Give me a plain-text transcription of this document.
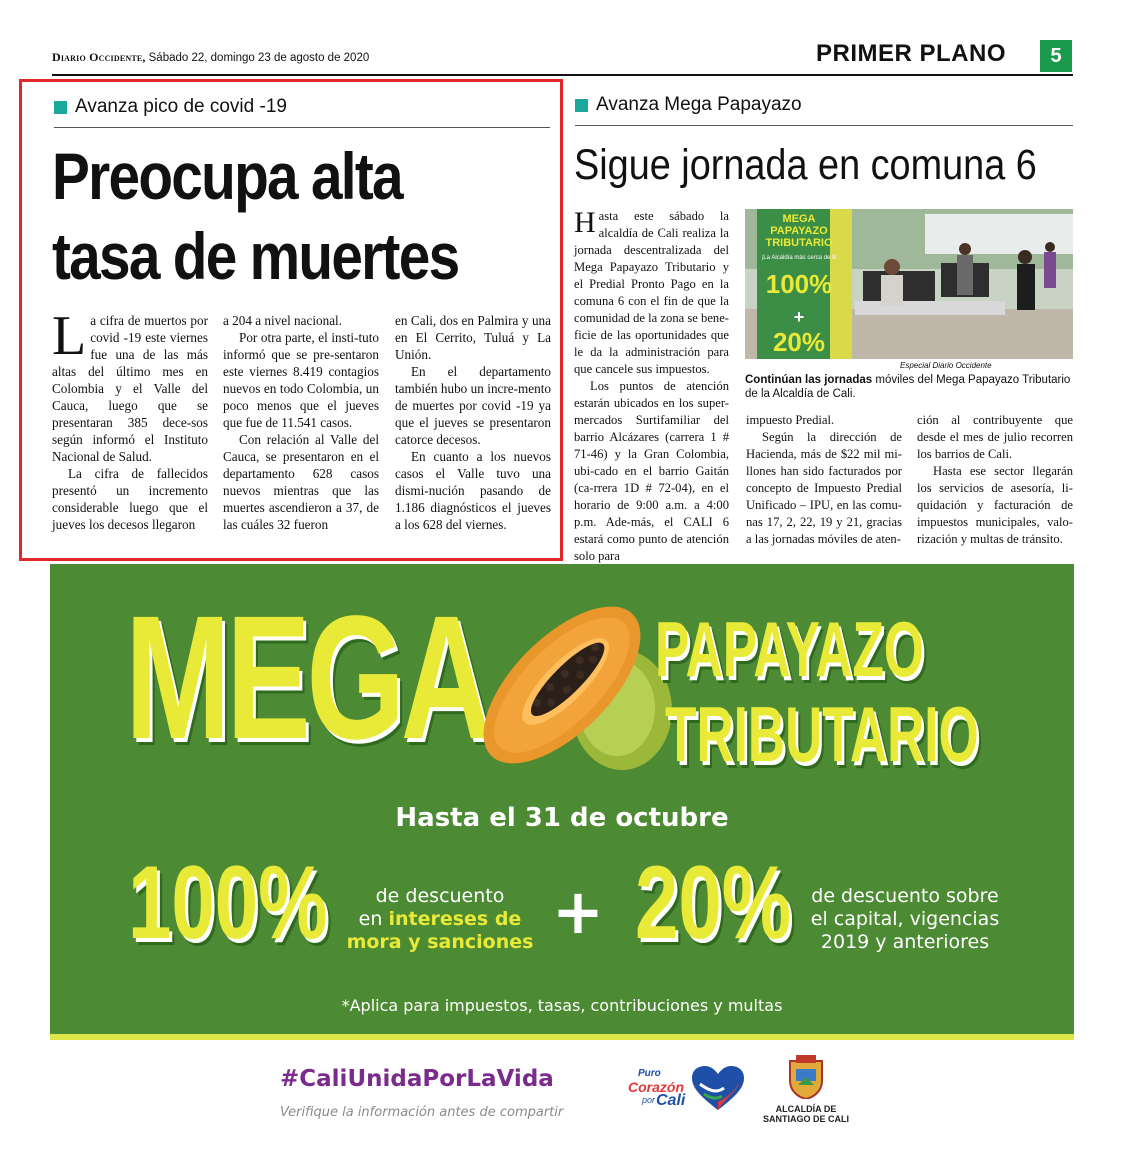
Diario Occidente, Sábado 22, domingo 23 de agosto de 2020	PRIMER PLANO	5
Avanza pico de covid -19
Preocupa alta
tasa de muertes

La cifra de muertos por covid -19 este viernes fue una de las más altas del último mes en Colombia y el Valle del Cauca, luego que se presentaran 385 dece-sos según informó el Instituto Nacional de Salud.

La cifra de fallecidos presentó un incremento considerable luego que el jueves los decesos llegaron

a 204 a nivel nacional.

Por otra parte, el insti-tuto informó que se pre-sentaron este viernes 8.419 contagios nuevos en todo Colombia, un poco menos que el jueves que fue de 11.541 casos.

Con relación al Valle del Cauca, se presentaron en el departamento 628 casos nuevos mientras que las muertes ascendieron a 37, de las cuáles 32 fueron

en Cali, dos en Palmira y una en El Cerrito, Tuluá y La Unión.

En el departamento también hubo un incre-mento de muertes por covid -19 ya que el jueves se presentaron catorce decesos.

En cuanto a los nuevos casos el Valle tuvo una dismi-nución pasando de 1.186 diagnósticos el jueves a los 628 del viernes.

Avanza Mega Papayazo
Sigue jornada en comuna 6

Hasta este sábado la alcaldía de Cali realiza la jornada descentralizada del Mega Papayazo Tributario y el Predial Pronto Pago en la comuna 6 con el fin de que la comunidad de la zona se bene-ficie de las oportunidades que le da la administración para que cancele sus impuestos.

Los puntos de atención estarán ubicados en los super-mercados Surtifamiliar del barrio Alcázares (carrera 1 # 71-46) y la Gran Colombia, ubi-cado en el barrio Gaitán (ca-rrera 1D # 72-04), en el horario de 9:00 a.m. a 4:00 p.m. Ade-más, el CALI 6 estará como punto de atención solo para

MEGA PAPAYAZO TRIBUTARIO
¡La Alcaldía más cerca de ti!
100%
+
20%
Especial Diario Occidente
Continúan las jornadas móviles del Mega Papayazo Tributario de la Alcaldía de Cali.

impuesto Predial.

Según la dirección de Hacienda, más de $22 mil mi-llones han sido facturados por concepto de Impuesto Predial Unificado – IPU, en las comu-nas 17, 2, 22, 19 y 21, gracias a las jornadas móviles de aten-

ción al contribuyente que desde el mes de julio recorren los barrios de Cali.

Hasta ese sector llegarán los servicios de asesoría, li-quidación y facturación de impuestos municipales, valo-rización y multas de tránsito.

MEGA PAPAYAZO
TRIBUTARIO
Hasta el 31 de octubre
100%	de descuento
en intereses de
mora y sanciones + 20%	de descuento sobre
el capital, vigencias
2019 y anteriores
*Aplica para impuestos, tasas, contribuciones y multas
#CaliUnidaPorLaVida
Verifique la información antes de compartir
Puro
Corazón
por Cali	ALCALDÍA DE
SANTIAGO DE CALI
